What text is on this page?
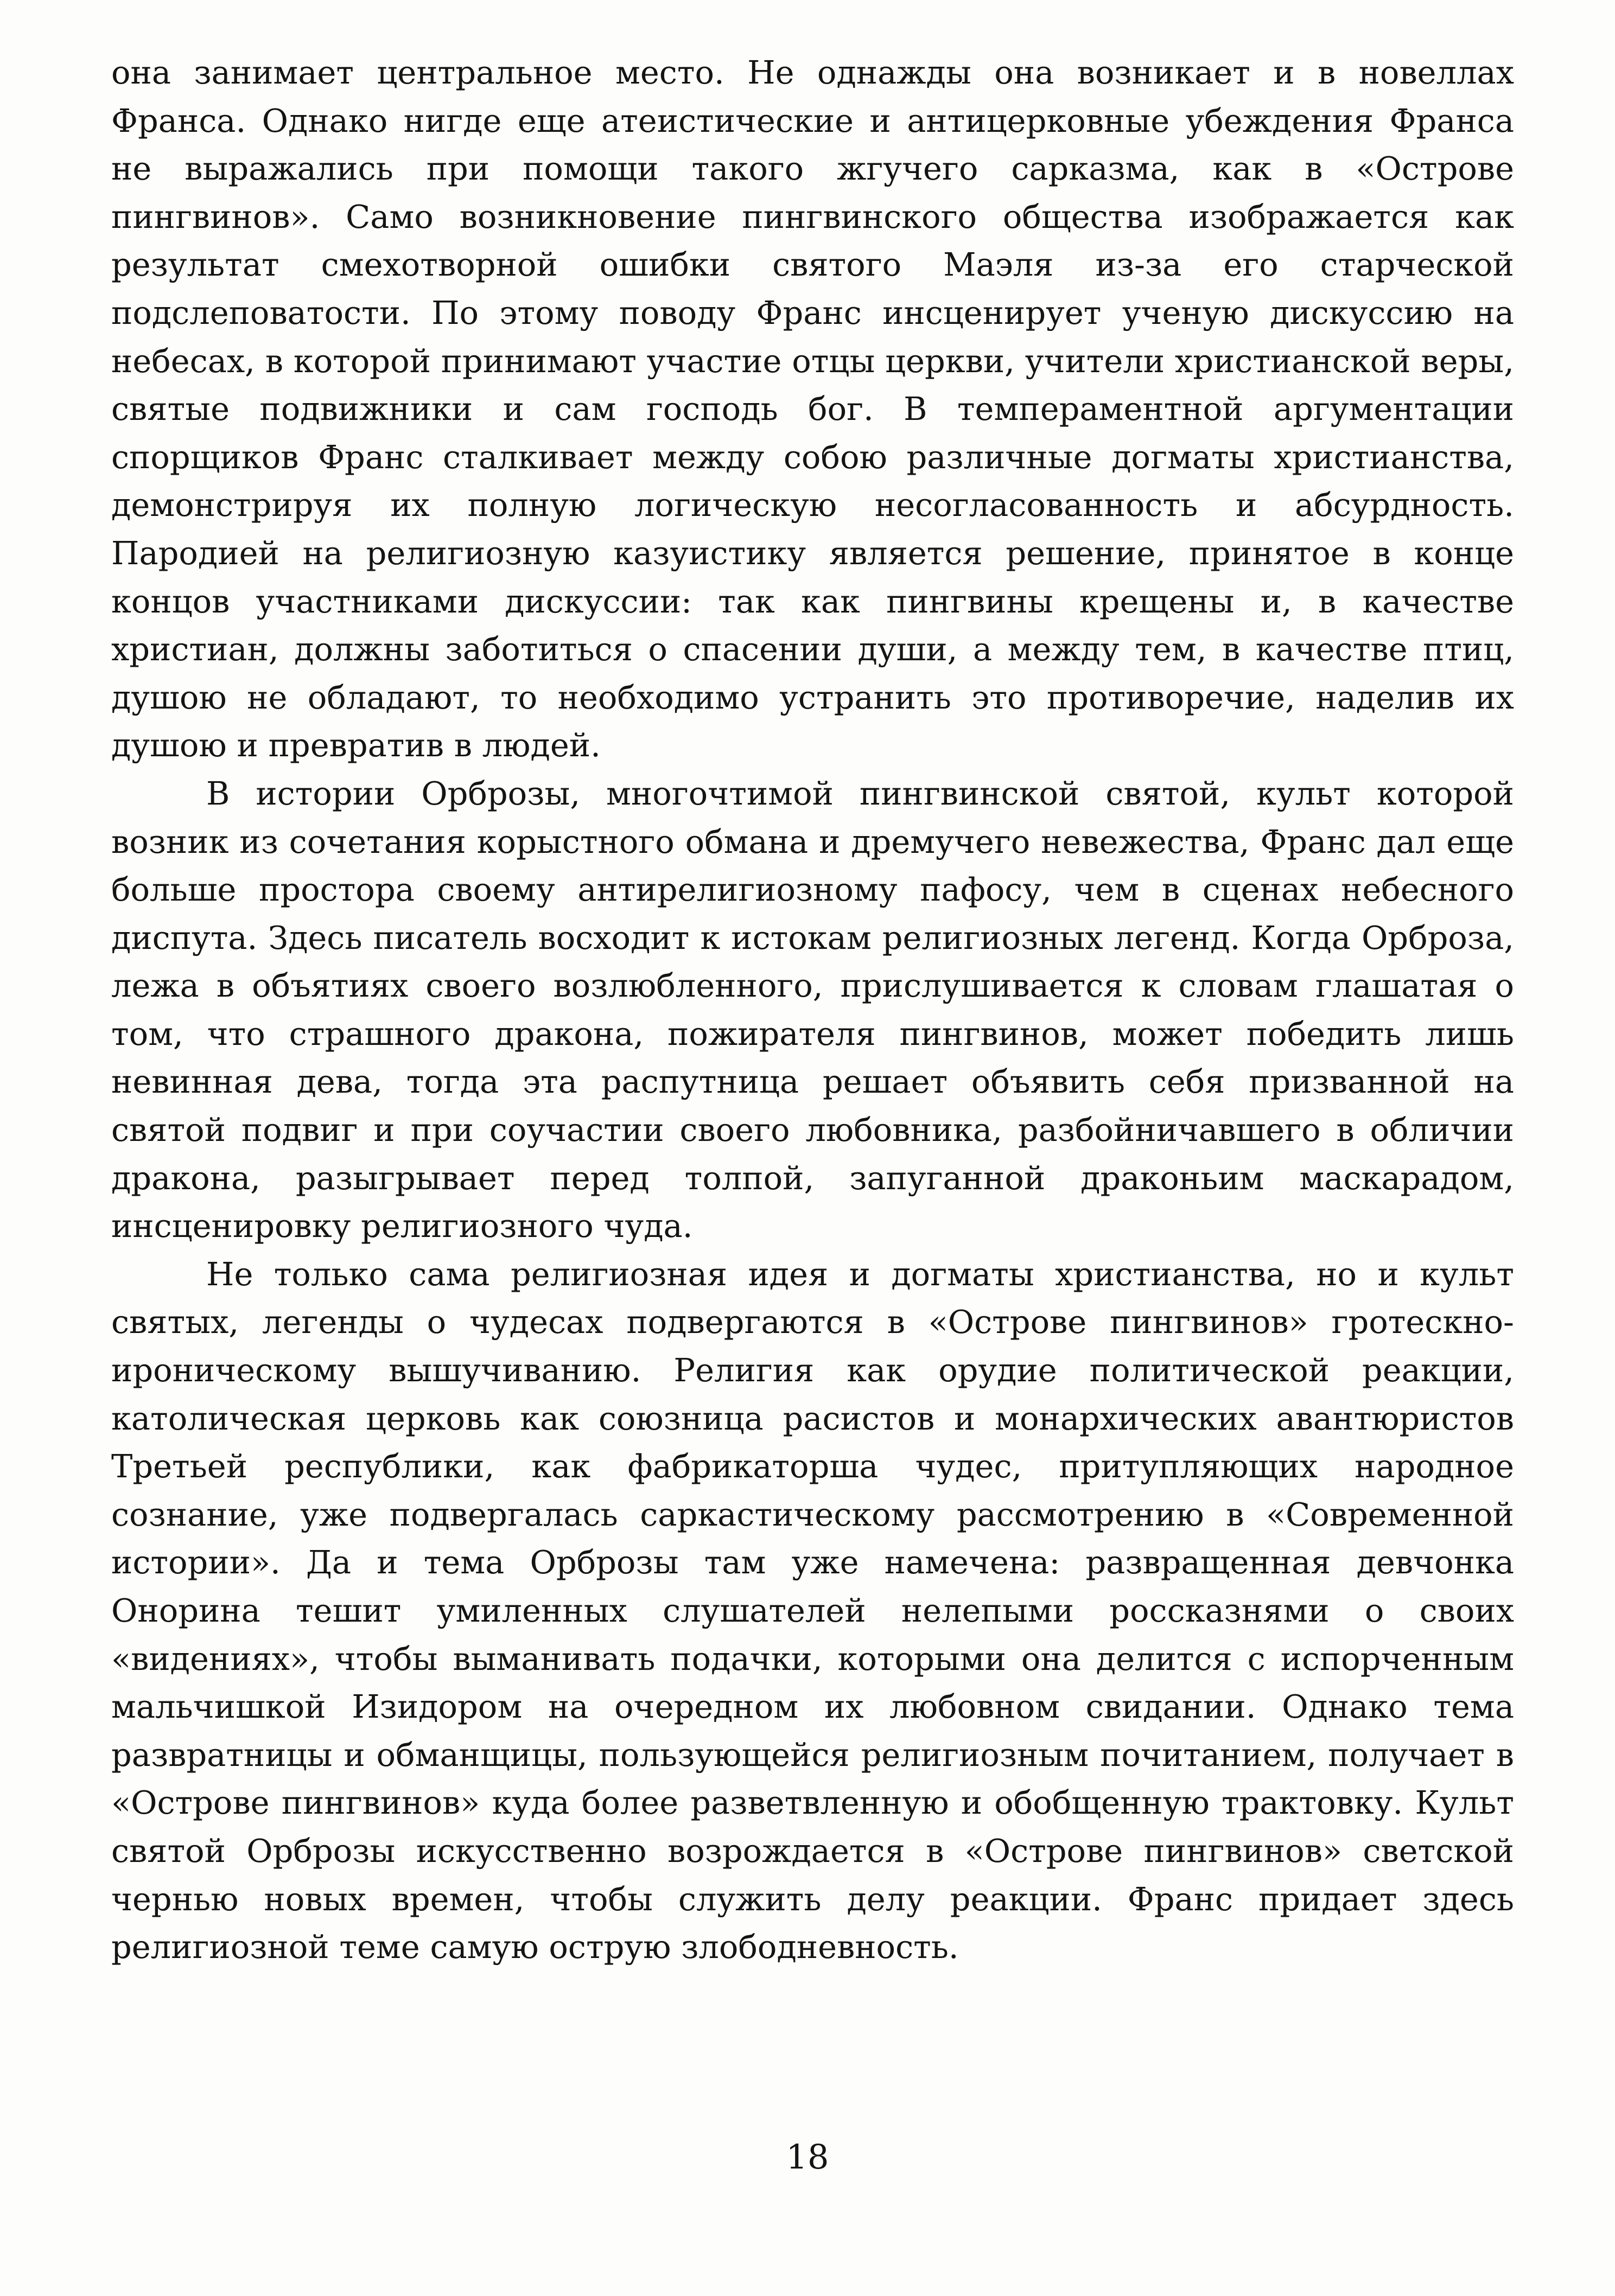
она занимает центральное место. Не однажды она возникает и в новеллах Франса. Однако нигде еще атеистические и антицерковные убеждения Франса не выражались при помощи такого жгучего сарказма, как в «Острове пингвинов». Само возникновение пингвинского общества изображается как результат смехотворной ошибки святого Маэля из-за его старческой подслеповатости. По этому поводу Франс инсценирует ученую дискуссию на небесах, в которой принимают участие отцы церкви, учители христианской веры, святые подвижники и сам господь бог. В темпераментной аргументации спорщиков Франс сталкивает между собою различные догматы христианства, демонстрируя их полную логическую несогласованность и абсурдность. Пародией на религиозную казуистику является решение, принятое в конце концов участниками дискуссии: так как пингвины крещены и, в качестве христиан, должны заботиться о спасении души, а между тем, в качестве птиц, душою не обладают, то необходимо устранить это противоречие, наделив их душою и превратив в людей.

В истории Орброзы, многочтимой пингвинской святой, культ которой возник из сочетания корыстного обмана и дремучего невежества, Франс дал еще больше простора своему антирелигиозному пафосу, чем в сценах небесного диспута. Здесь писатель восходит к истокам религиозных легенд. Когда Орброза, лежа в объятиях своего возлюбленного, прислушивается к словам глашатая о том, что страшного дракона, пожирателя пингвинов, может победить лишь невинная дева, тогда эта распутница решает объявить себя призванной на святой подвиг и при соучастии своего любовника, разбойничавшего в обличии дракона, разыгрывает перед толпой, запуганной драконьим маскарадом, инсценировку религиозного чуда.

Не только сама религиозная идея и догматы христианства, но и культ святых, легенды о чудесах подвергаются в «Острове пингвинов» гротескно-ироническому вышучиванию. Религия как орудие политической реакции, католическая церковь как союзница расистов и монархических авантюристов Третьей республики, как фабрикаторша чудес, притупляющих народное сознание, уже подвергалась саркастическому рассмотрению в «Современной истории». Да и тема Орброзы там уже намечена: развращенная девчонка Онорина тешит умиленных слушателей нелепыми россказнями о своих «видениях», чтобы выманивать подачки, которыми она делится с испорченным мальчишкой Изидором на очередном их любовном свидании. Однако тема развратницы и обманщицы, пользующейся религиозным почитанием, получает в «Острове пингвинов» куда более разветвленную и обобщенную трактовку. Культ святой Орброзы искусственно возрождается в «Острове пингвинов» светской чернью новых времен, чтобы служить делу реакции. Франс придает здесь религиозной теме самую острую злободневность.

18
